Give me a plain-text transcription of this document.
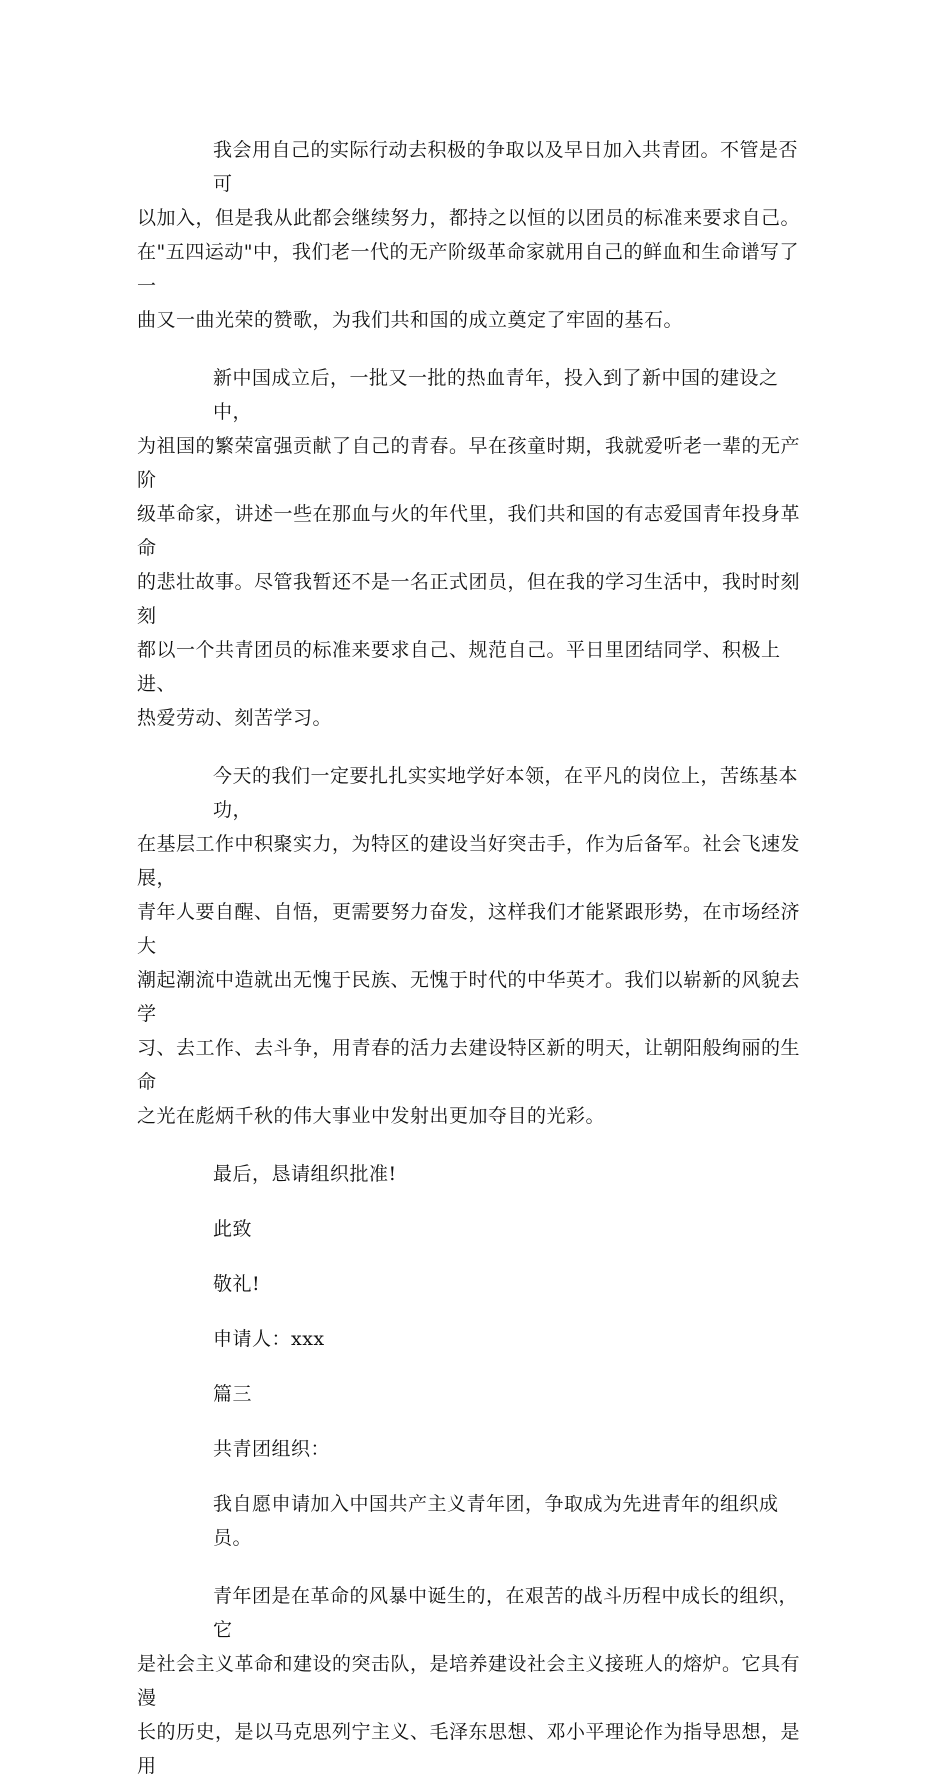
我会用自己的实际行动去积极的争取以及早日加入共青团。不管是否可
以加入，但是我从此都会继续努力，都持之以恒的以团员的标准来要求自己。
在"五四运动"中，我们老一代的无产阶级革命家就用自己的鲜血和生命谱写了一
曲又一曲光荣的赞歌，为我们共和国的成立奠定了牢固的基石。
新中国成立后，一批又一批的热血青年，投入到了新中国的建设之中，
为祖国的繁荣富强贡献了自己的青春。早在孩童时期，我就爱听老一辈的无产阶
级革命家，讲述一些在那血与火的年代里，我们共和国的有志爱国青年投身革命
的悲壮故事。尽管我暂还不是一名正式团员，但在我的学习生活中，我时时刻刻
都以一个共青团员的标准来要求自己、规范自己。平日里团结同学、积极上进、
热爱劳动、刻苦学习。
今天的我们一定要扎扎实实地学好本领，在平凡的岗位上，苦练基本功，
在基层工作中积聚实力，为特区的建设当好突击手，作为后备军。社会飞速发展，
青年人要自醒、自悟，更需要努力奋发，这样我们才能紧跟形势，在市场经济大
潮起潮流中造就出无愧于民族、无愧于时代的中华英才。我们以崭新的风貌去学
习、去工作、去斗争，用青春的活力去建设特区新的明天，让朝阳般绚丽的生命
之光在彪炳千秋的伟大事业中发射出更加夺目的光彩。
最后，恳请组织批准!
此致
敬礼!
申请人：xxx
篇三
共青团组织：
我自愿申请加入中国共产主义青年团，争取成为先进青年的组织成员。
青年团是在革命的风暴中诞生的，在艰苦的战斗历程中成长的组织，它
是社会主义革命和建设的突击队，是培养建设社会主义接班人的熔炉。它具有漫
长的历史，是以马克思列宁主义、毛泽东思想、邓小平理论作为指导思想，是用
